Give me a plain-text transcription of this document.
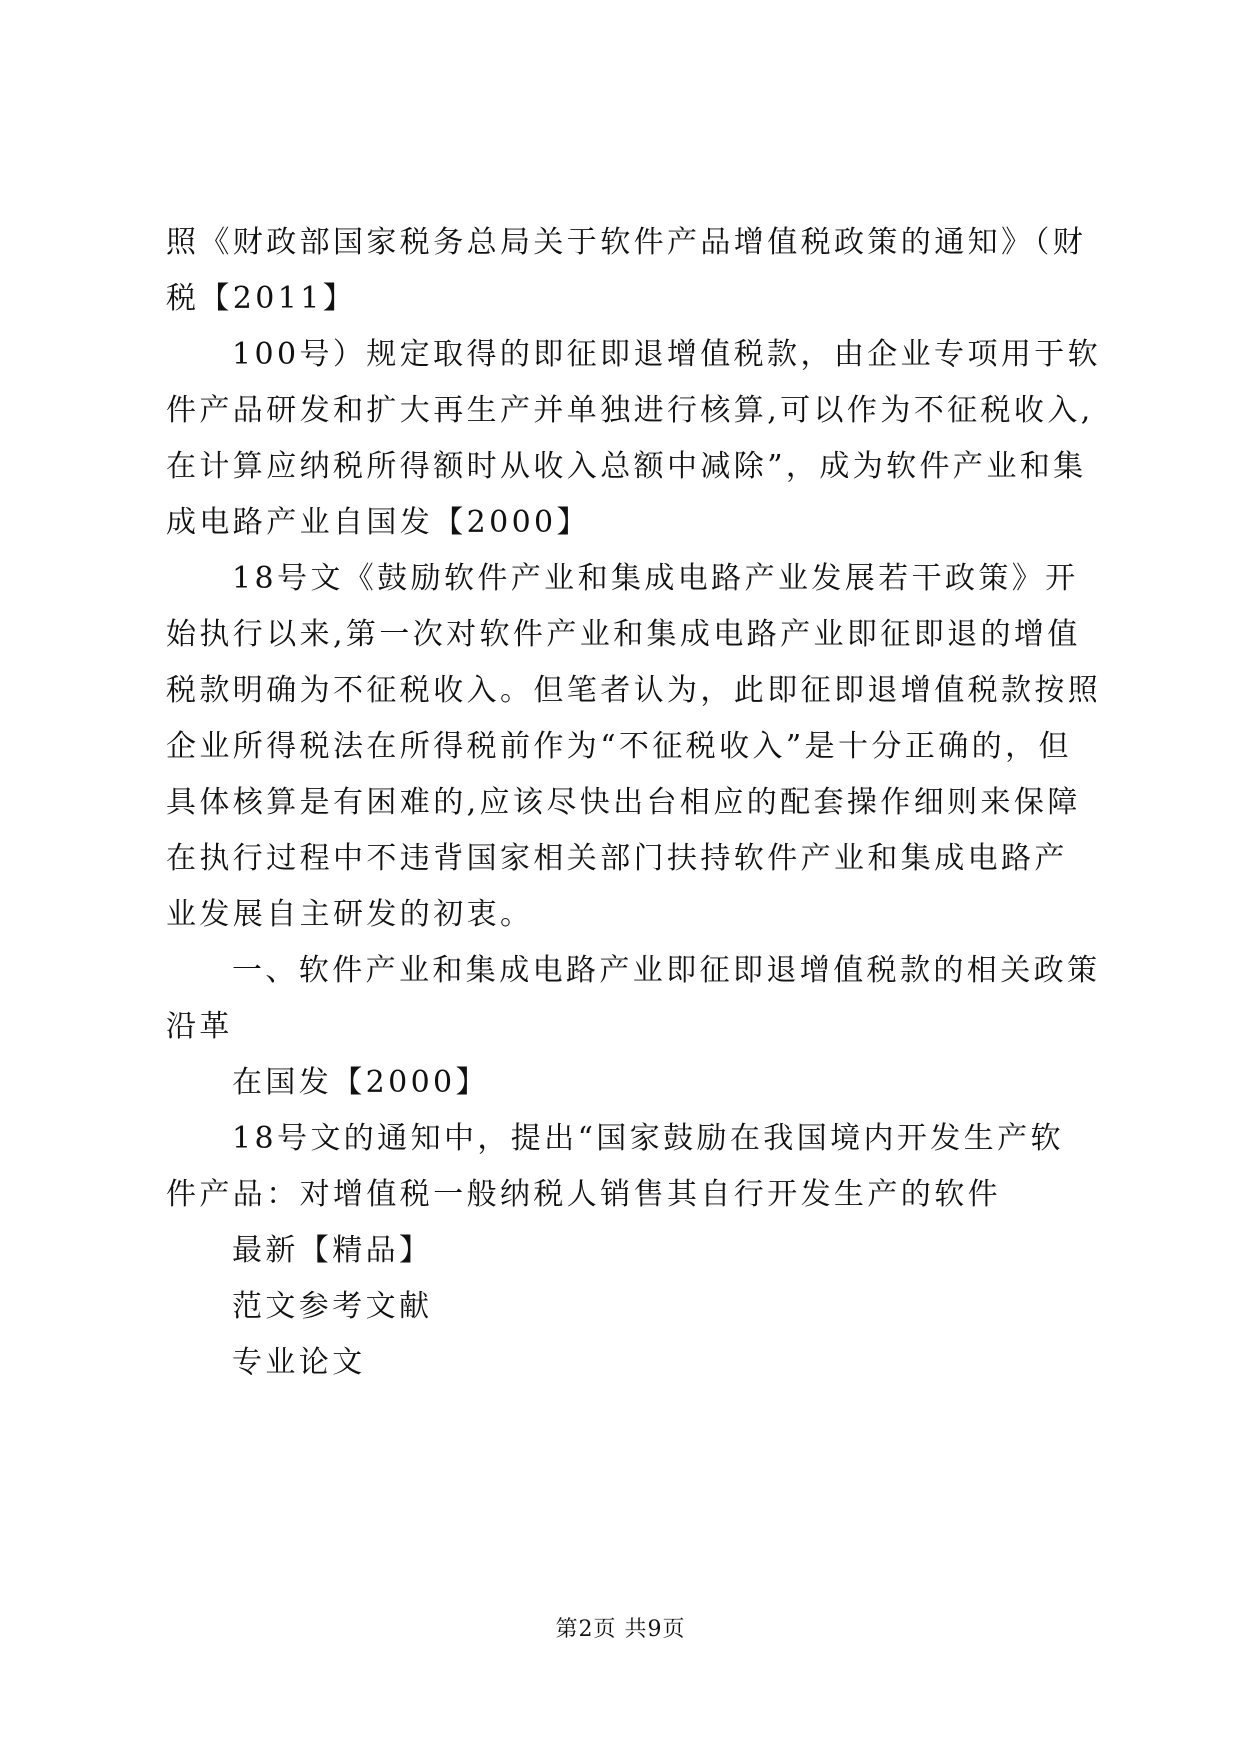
照《财政部国家税务总局关于软件产品增值税政策的通知》（财

税【2011】

100号）规定取得的即征即退增值税款，由企业专项用于软

件产品研发和扩大再生产并单独进行核算,可以作为不征税收入,

在计算应纳税所得额时从收入总额中减除”，成为软件产业和集

成电路产业自国发【2000】

18号文《鼓励软件产业和集成电路产业发展若干政策》开

始执行以来,第一次对软件产业和集成电路产业即征即退的增值

税款明确为不征税收入。但笔者认为，此即征即退增值税款按照

企业所得税法在所得税前作为“不征税收入”是十分正确的，但

具体核算是有困难的,应该尽快出台相应的配套操作细则来保障

在执行过程中不违背国家相关部门扶持软件产业和集成电路产

业发展自主研发的初衷。

一、软件产业和集成电路产业即征即退增值税款的相关政策

沿革

在国发【2000】

18号文的通知中，提出“国家鼓励在我国境内开发生产软

件产品：对增值税一般纳税人销售其自行开发生产的软件

最新【精品】

范文参考文献

专业论文

第2页 共9页
